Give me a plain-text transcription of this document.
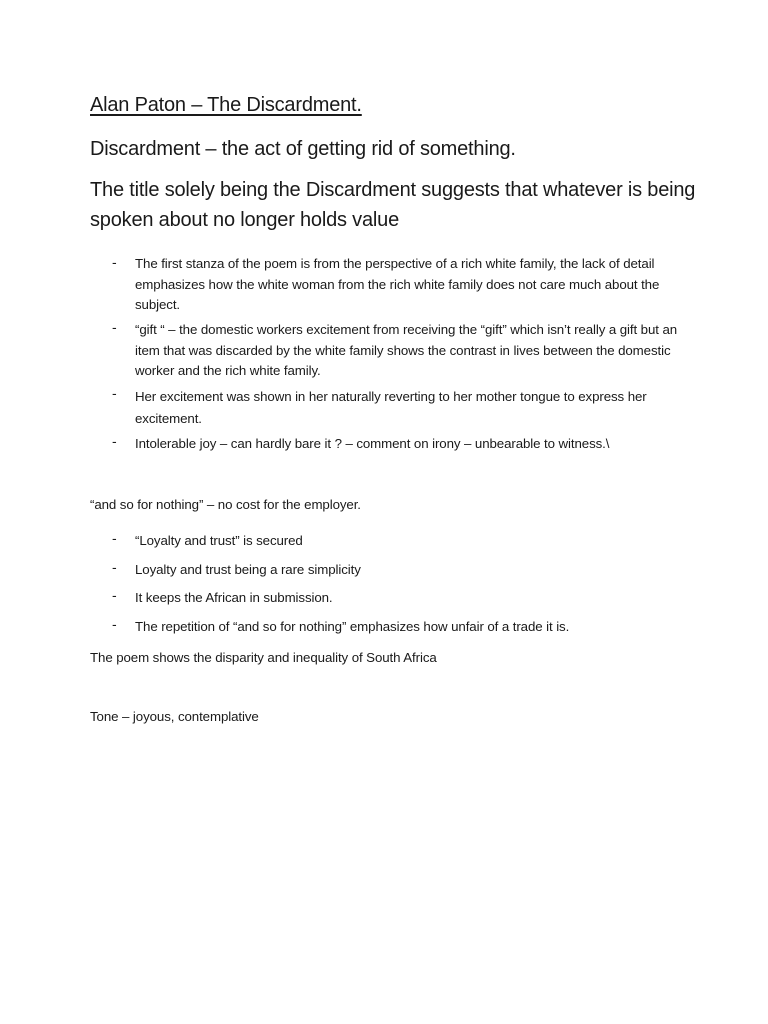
Alan Paton – The Discardment.
Discardment – the act of getting rid of something.
The title solely being the Discardment suggests that whatever is being spoken about no longer holds value
- The first stanza of the poem is from the perspective of a rich white family, the lack of detail emphasizes how the white woman from the rich white family does not care much about the subject.
- “gift “ – the domestic workers excitement from receiving the “gift” which isn’t really a gift but an item that was discarded by the white family shows the contrast in lives between the domestic worker and the rich white family.
- Her excitement was shown in her naturally reverting to her mother tongue to express her excitement.
- Intolerable joy – can hardly bare it ? – comment on irony – unbearable to witness.\
“and so for nothing” – no cost for the employer.
- “Loyalty and trust” is secured
- Loyalty and trust being a rare simplicity
- It keeps the African in submission.
- The repetition of “and so for nothing” emphasizes how unfair of a trade it is.
The poem shows the disparity and inequality of South Africa
Tone – joyous, contemplative
